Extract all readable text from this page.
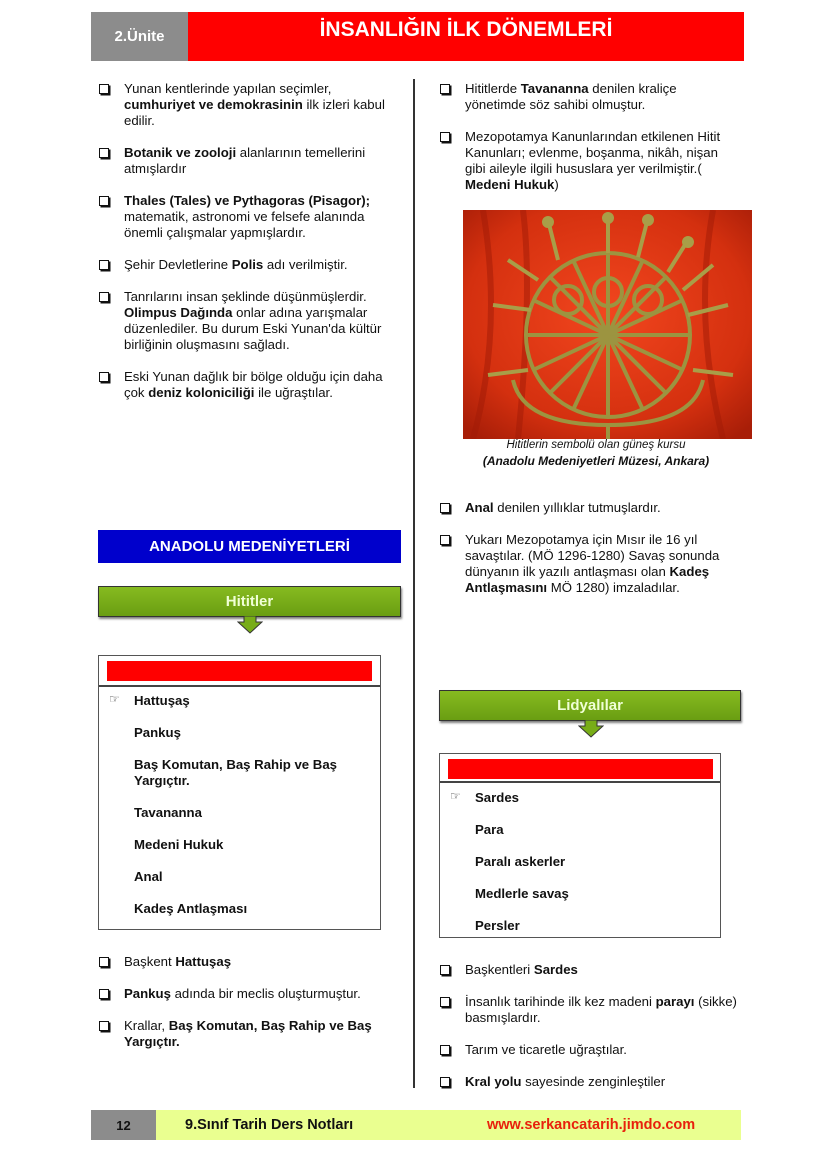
2.Ünite	İNSANLIĞIN İLK DÖNEMLERİ
Yunan kentlerinde yapılan seçimler, cumhuriyet ve demokrasinin ilk izleri kabul edilir.
Botanik ve zooloji alanlarının temellerini atmışlardır
Thales (Tales) ve Pythagoras (Pisagor); matematik, astronomi ve felsefe alanında önemli çalışmalar yapmışlardır.
Şehir Devletlerine Polis adı verilmiştir.
Tanrılarını insan şeklinde düşünmüşlerdir. Olimpus Dağında onlar adına yarışmalar düzenlediler. Bu durum Eski Yunan'da kültür birliğinin oluşmasını sağladı.
Eski Yunan dağlık bir bölge olduğu için daha çok deniz koloniciliği ile uğraştılar.
ANADOLU MEDENİYETLERİ
Hititler
☞ Hattuşaş
Pankuş
Baş Komutan, Baş Rahip ve Baş Yargıçtır.
Tavananna
Medeni Hukuk
Anal
Kadeş Antlaşması
Başkent Hattuşaş
Pankuş adında bir meclis oluşturmuştur.
Krallar, Baş Komutan, Baş Rahip ve Baş Yargıçtır.
Hititlerde Tavananna denilen kraliçe yönetimde söz sahibi olmuştur.
Mezopotamya Kanunlarından etkilenen Hitit Kanunları; evlenme, boşanma, nikâh, nişan gibi aileyle ilgili hususlara yer verilmiştir.( Medeni Hukuk)
Hititlerin sembolü olan güneş kursu
(Anadolu Medeniyetleri Müzesi, Ankara)
Anal denilen yıllıklar tutmuşlardır.
Yukarı Mezopotamya için Mısır ile 16 yıl savaştılar. (MÖ 1296-1280) Savaş sonunda dünyanın ilk yazılı antlaşması olan Kadeş Antlaşmasını MÖ 1280) imzaladılar.
Lidyalılar
☞ Sardes
Para
Paralı askerler
Medlerle savaş
Persler
Başkentleri Sardes
İnsanlık tarihinde ilk kez madeni parayı (sikke) basmışlardır.
Tarım ve ticaretle uğraştılar.
Kral yolu sayesinde zenginleştiler
12	9.Sınıf Tarih Ders Notları	www.serkancatarih.jimdo.com
